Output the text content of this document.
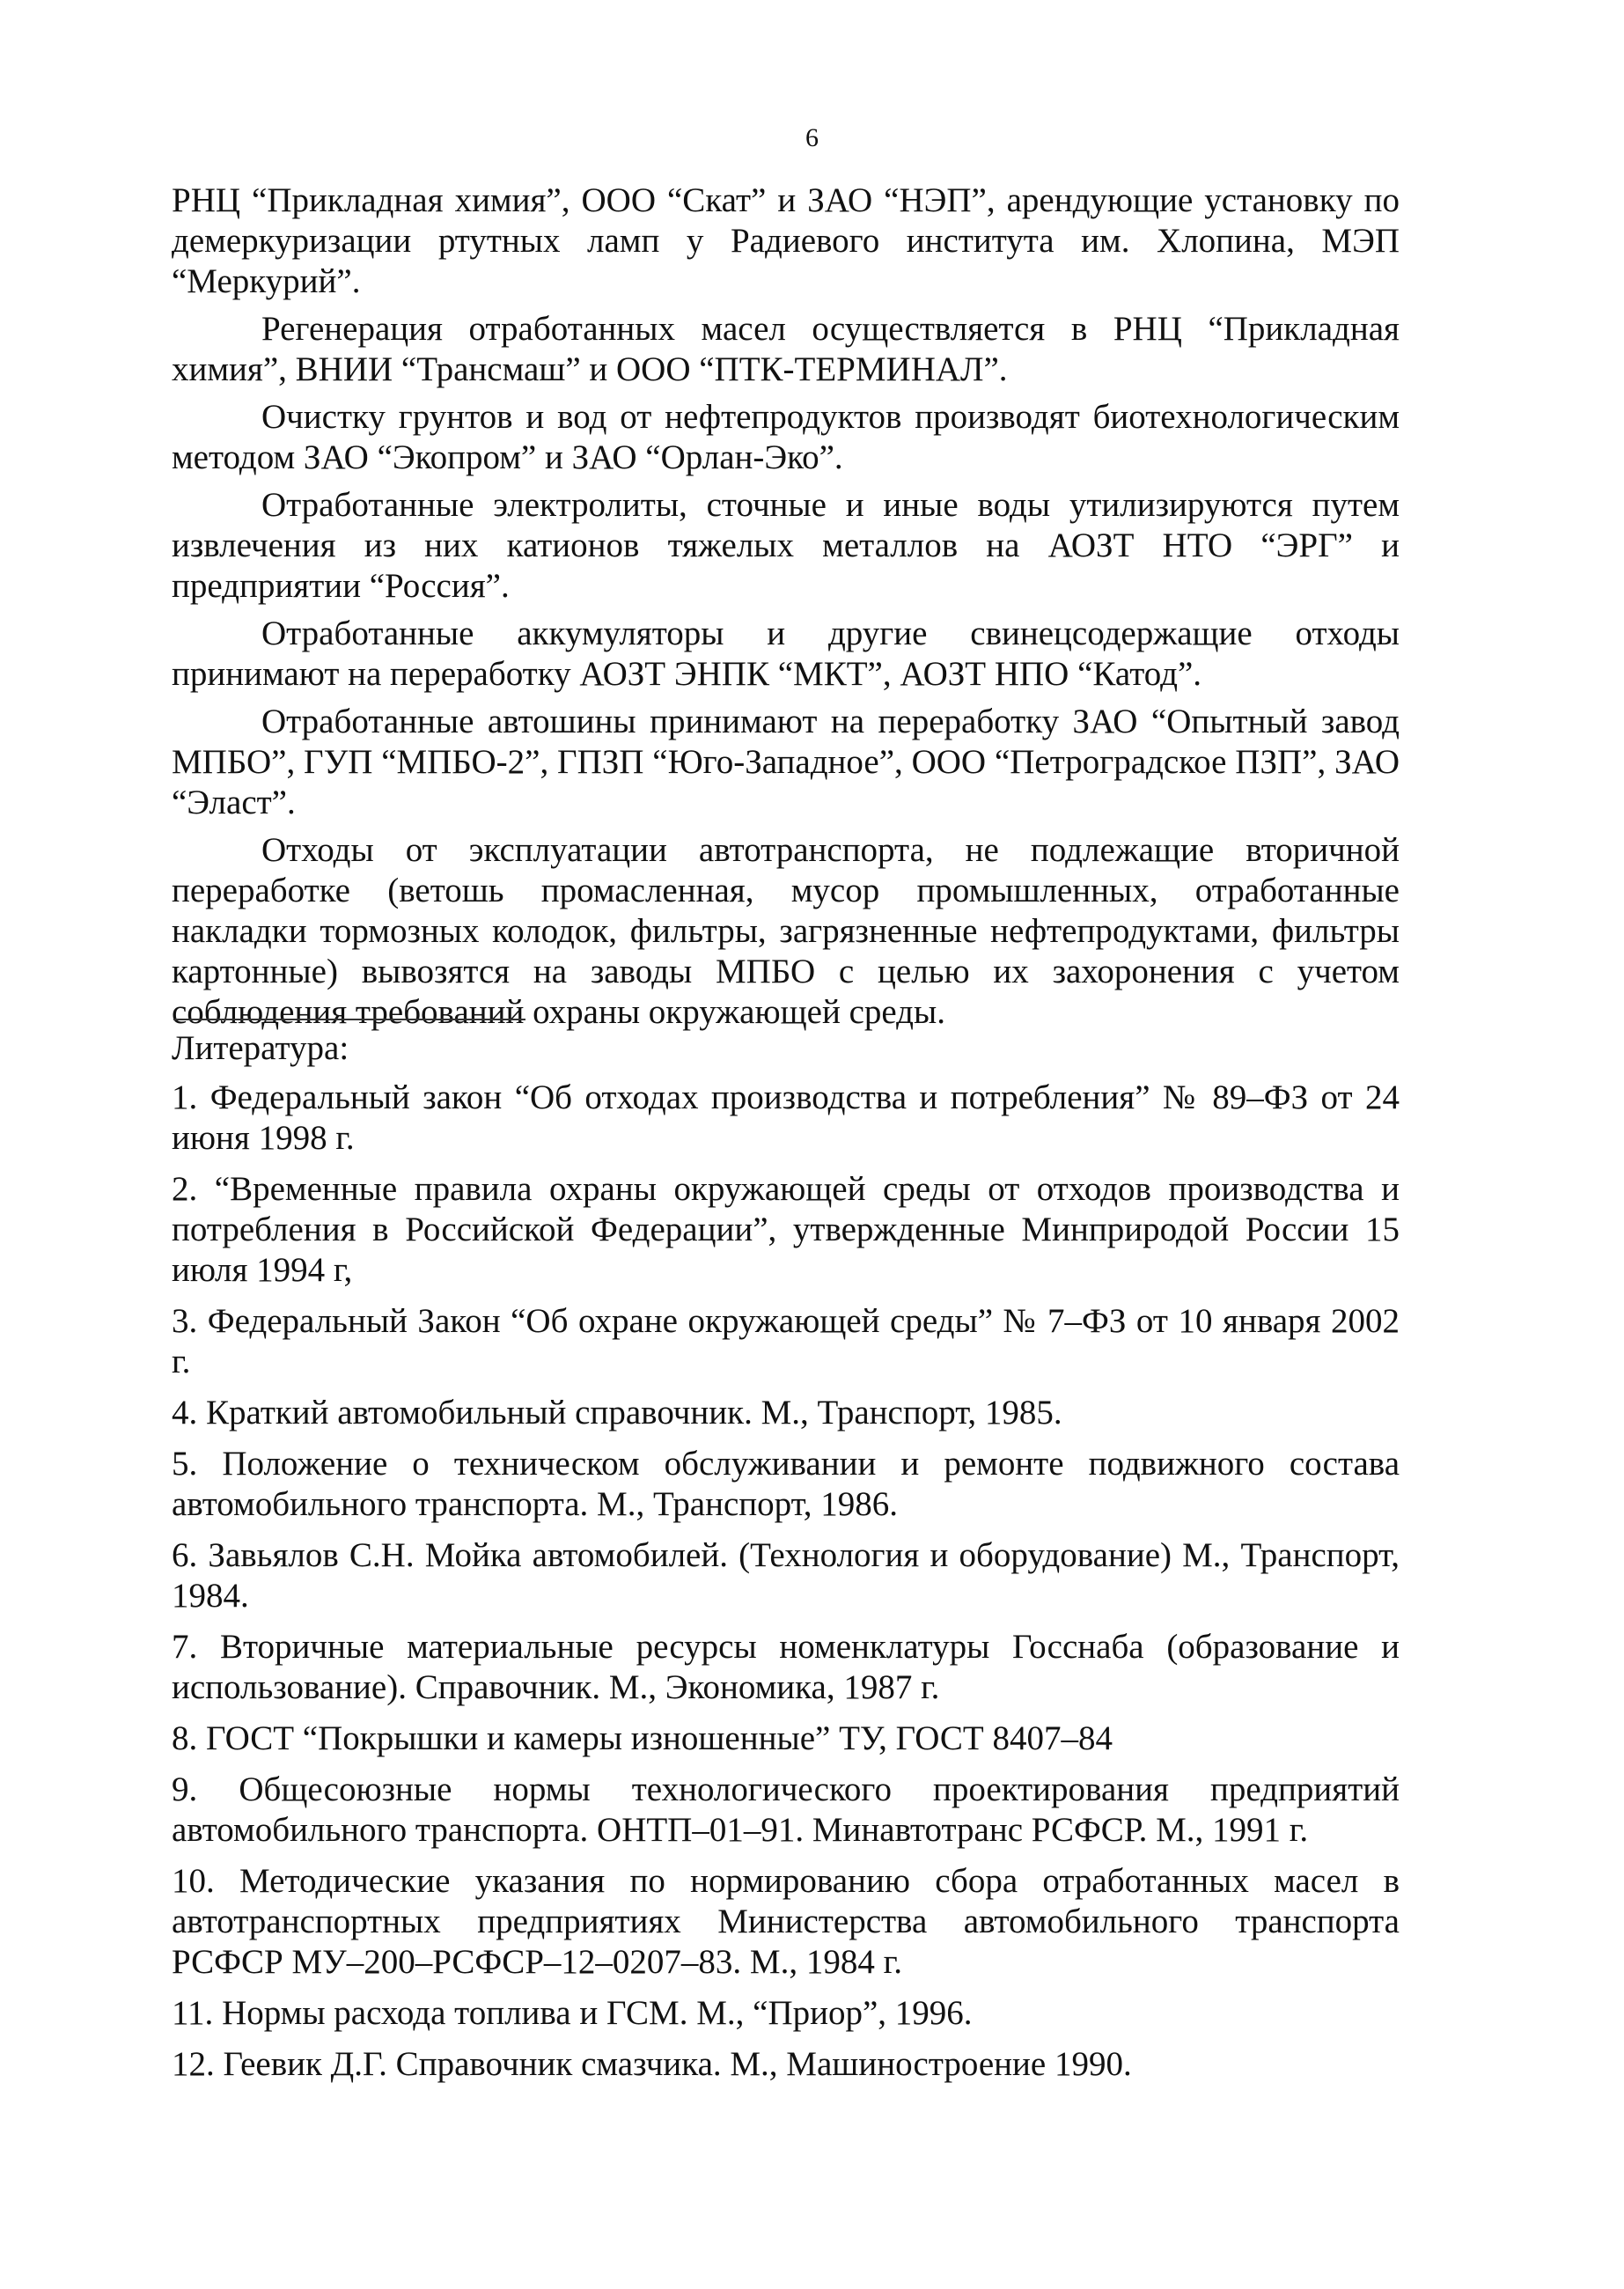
6

РНЦ “Прикладная химия”, ООО “Скат” и ЗАО “НЭП”, арендующие установку по демеркуризации ртутных ламп у Радиевого института им. Хлопина, МЭП “Меркурий”.

Регенерация отработанных масел осуществляется в РНЦ “Прикладная химия”, ВНИИ “Трансмаш” и ООО “ПТК-ТЕРМИНАЛ”.

Очистку грунтов и вод от нефтепродуктов производят биотехнологическим методом ЗАО “Экопром” и ЗАО “Орлан-Эко”.

Отработанные электролиты, сточные и иные воды утилизируются путем извлечения из них катионов тяжелых металлов на АОЗТ НТО “ЭРГ” и предприятии “Россия”.

Отработанные аккумуляторы и другие свинецсодержащие отходы принимают на переработку АОЗТ ЭНПК “МКТ”, АОЗТ НПО “Катод”.

Отработанные автошины принимают на переработку ЗАО “Опытный завод МПБО”, ГУП “МПБО-2”, ГПЗП “Юго-Западное”, ООО “Петроградское ПЗП”, ЗАО “Эласт”.

Отходы от эксплуатации автотранспорта, не подлежащие вторичной переработке (ветошь промасленная, мусор промышленных, отработанные накладки тормозных колодок, фильтры, загрязненные нефтепродуктами, фильтры картонные) вывозятся на заводы МПБО с целью их захоронения с учетом соблюдения требований охраны окружающей среды.

Литература:
1. Федеральный закон “Об отходах производства и потребления” № 89–ФЗ от 24 июня 1998 г.
2. “Временные правила охраны окружающей среды от отходов производства и потребления в Российской Федерации”, утвержденные Минприродой России 15 июля 1994 г,
3. Федеральный Закон “Об охране окружающей среды” № 7–ФЗ от 10 января 2002 г.
4. Краткий автомобильный справочник. М., Транспорт, 1985.
5. Положение о техническом обслуживании и ремонте подвижного состава автомобильного транспорта. М., Транспорт, 1986.
6. Завьялов С.Н. Мойка автомобилей. (Технология и оборудование) М., Транспорт, 1984.
7. Вторичные материальные ресурсы номенклатуры Госснаба (образование и использование). Справочник. М., Экономика, 1987 г.
8. ГОСТ “Покрышки и камеры изношенные” ТУ, ГОСТ 8407–84
9. Общесоюзные нормы технологического проектирования предприятий автомобильного транспорта. ОНТП–01–91. Минавтотранс РСФСР. М., 1991 г.
10. Методические указания по нормированию сбора отработанных масел в автотранспортных предприятиях Министерства автомобильного транспорта РСФСР МУ–200–РСФСР–12–0207–83. М., 1984 г.
11. Нормы расхода топлива и ГСМ. М., “Приор”, 1996.
12. Геевик Д.Г. Справочник смазчика. М., Машиностроение 1990.
